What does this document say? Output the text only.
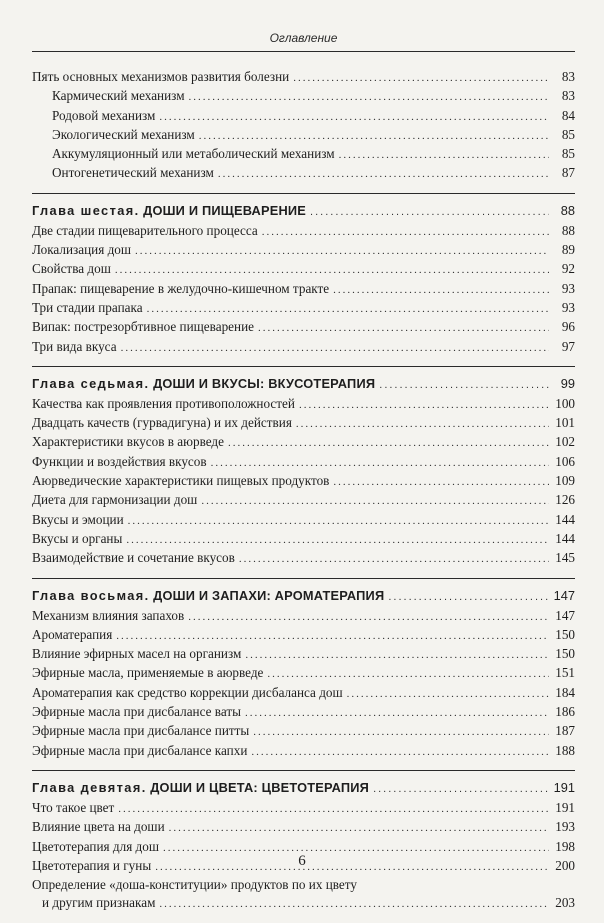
Оглавление
Пять основных механизмов развития болезни .....	83
Кармический механизм .....	83
Родовой механизм .....	84
Экологический механизм .....	85
Аккумуляционный или метаболический механизм .....	85
Онтогенетический механизм .....	87
Глава шестая. ДОШИ И ПИЩЕВАРЕНИЕ .....	88
Две стадии пищеварительного процесса .....	88
Локализация дош .....	89
Свойства дош .....	92
Прапак: пищеварение в желудочно-кишечном тракте .....	93
Три стадии прапака .....	93
Випак: пострезорбтивное пищеварение .....	96
Три вида вкуса .....	97
Глава седьмая. ДОШИ И ВКУСЫ: ВКУСОТЕРАПИЯ .....	99
Качества как проявления противоположностей .....	100
Двадцать качеств (гурвадигуна) и их действия .....	101
Характеристики вкусов в аюрведе .....	102
Функции и воздействия вкусов .....	106
Аюрведические характеристики пищевых продуктов .....	109
Диета для гармонизации дош .....	126
Вкусы и эмоции .....	144
Вкусы и органы .....	144
Взаимодействие и сочетание вкусов .....	145
Глава восьмая. ДОШИ И ЗАПАХИ: АРОМАТЕРАПИЯ .....	147
Механизм влияния запахов .....	147
Ароматерапия .....	150
Влияние эфирных масел на организм .....	150
Эфирные масла, применяемые в аюрведе .....	151
Ароматерапия как средство коррекции дисбаланса дош .....	184
Эфирные масла при дисбалансе ваты .....	186
Эфирные масла при дисбалансе питты .....	187
Эфирные масла при дисбалансе капхи .....	188
Глава девятая. ДОШИ И ЦВЕТА: ЦВЕТОТЕРАПИЯ .....	191
Что такое цвет .....	191
Влияние цвета на доши .....	193
Цветотерапия для дош .....	198
Цветотерапия и гуны .....	200
Определение «доша-конституции» продуктов по их цвету
и другим признакам .....	203
6
